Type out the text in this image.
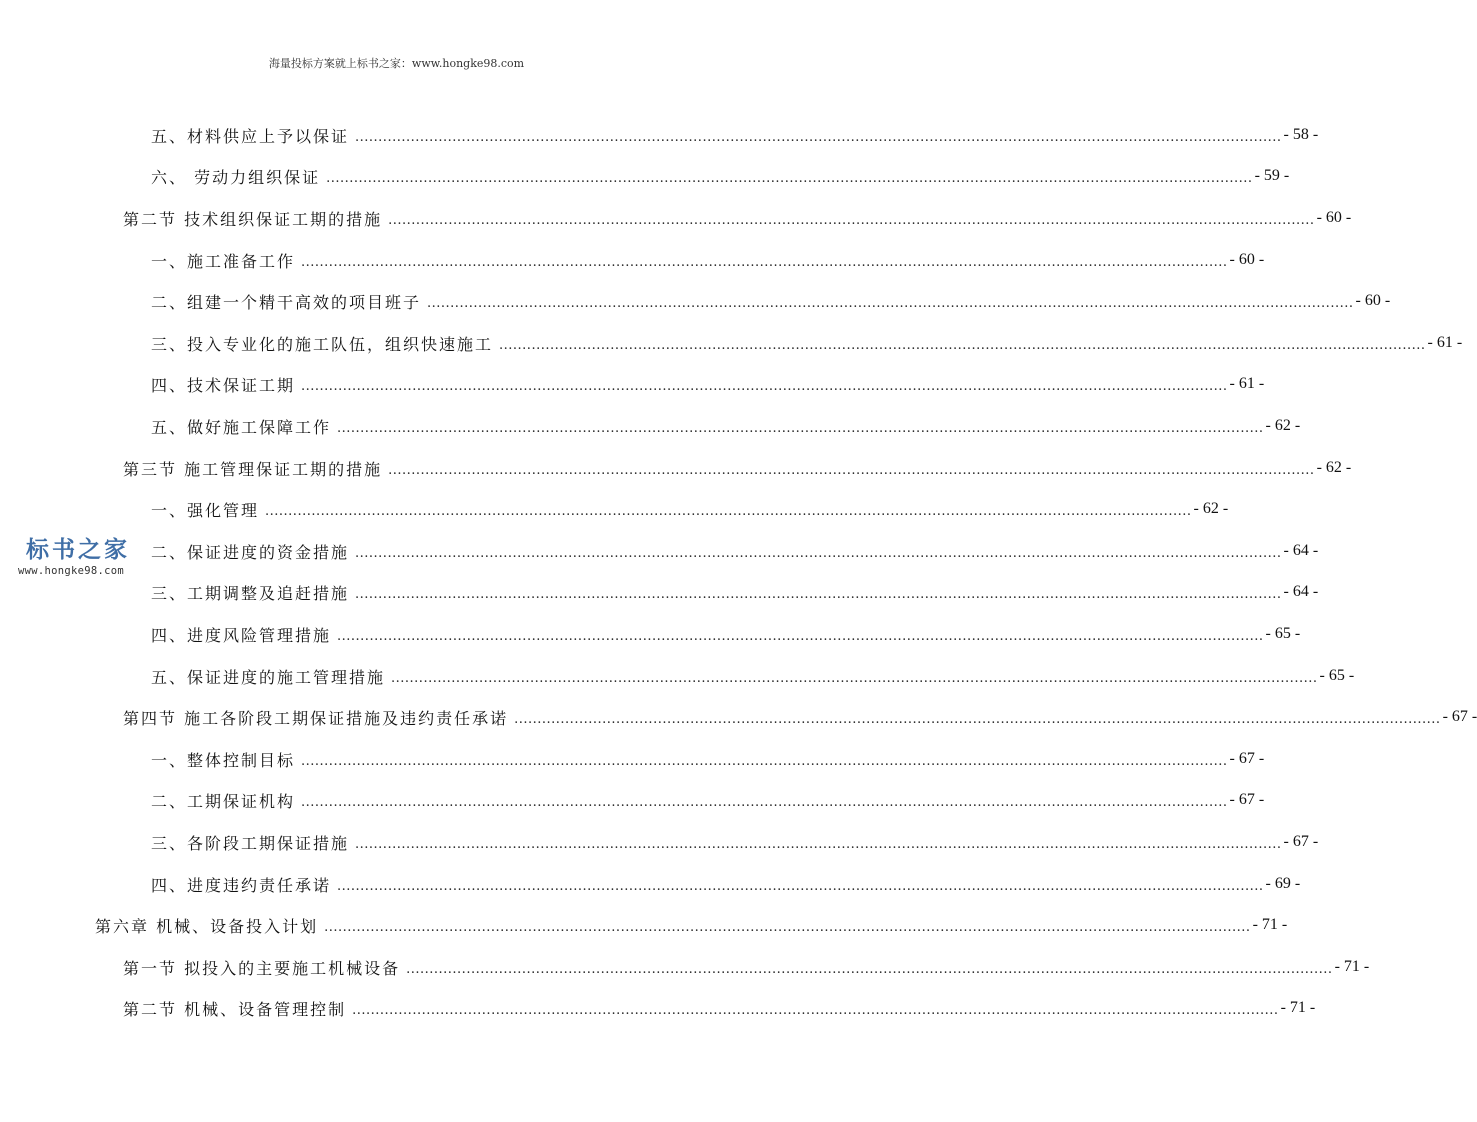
海量投标方案就上标书之家：www.hongke98.com
五、材料供应上予以保证 ........................................................................................................................................................................................................ - 58 -
六、 劳动力组织保证 ........................................................................................................................................................................................................ - 59 -
第二节 技术组织保证工期的措施 ........................................................................................................................................................................................................ - 60 -
一、施工准备工作 ........................................................................................................................................................................................................ - 60 -
二、组建一个精干高效的项目班子 ........................................................................................................................................................................................................ - 60 -
三、投入专业化的施工队伍，组织快速施工 ........................................................................................................................................................................................................ - 61 -
四、技术保证工期 ........................................................................................................................................................................................................ - 61 -
五、做好施工保障工作 ........................................................................................................................................................................................................ - 62 -
第三节 施工管理保证工期的措施 ........................................................................................................................................................................................................ - 62 -
一、强化管理 ........................................................................................................................................................................................................ - 62 -
二、保证进度的资金措施 ........................................................................................................................................................................................................ - 64 -
三、工期调整及追赶措施 ........................................................................................................................................................................................................ - 64 -
四、进度风险管理措施 ........................................................................................................................................................................................................ - 65 -
五、保证进度的施工管理措施 ........................................................................................................................................................................................................ - 65 -
第四节 施工各阶段工期保证措施及违约责任承诺 ........................................................................................................................................................................................................ - 67 -
一、整体控制目标 ........................................................................................................................................................................................................ - 67 -
二、工期保证机构 ........................................................................................................................................................................................................ - 67 -
三、各阶段工期保证措施 ........................................................................................................................................................................................................ - 67 -
四、进度违约责任承诺 ........................................................................................................................................................................................................ - 69 -
第六章 机械、设备投入计划 ........................................................................................................................................................................................................ - 71 -
第一节 拟投入的主要施工机械设备 ........................................................................................................................................................................................................ - 71 -
第二节 机械、设备管理控制 ........................................................................................................................................................................................................ - 71 -
标书之家
www.hongke98.com
